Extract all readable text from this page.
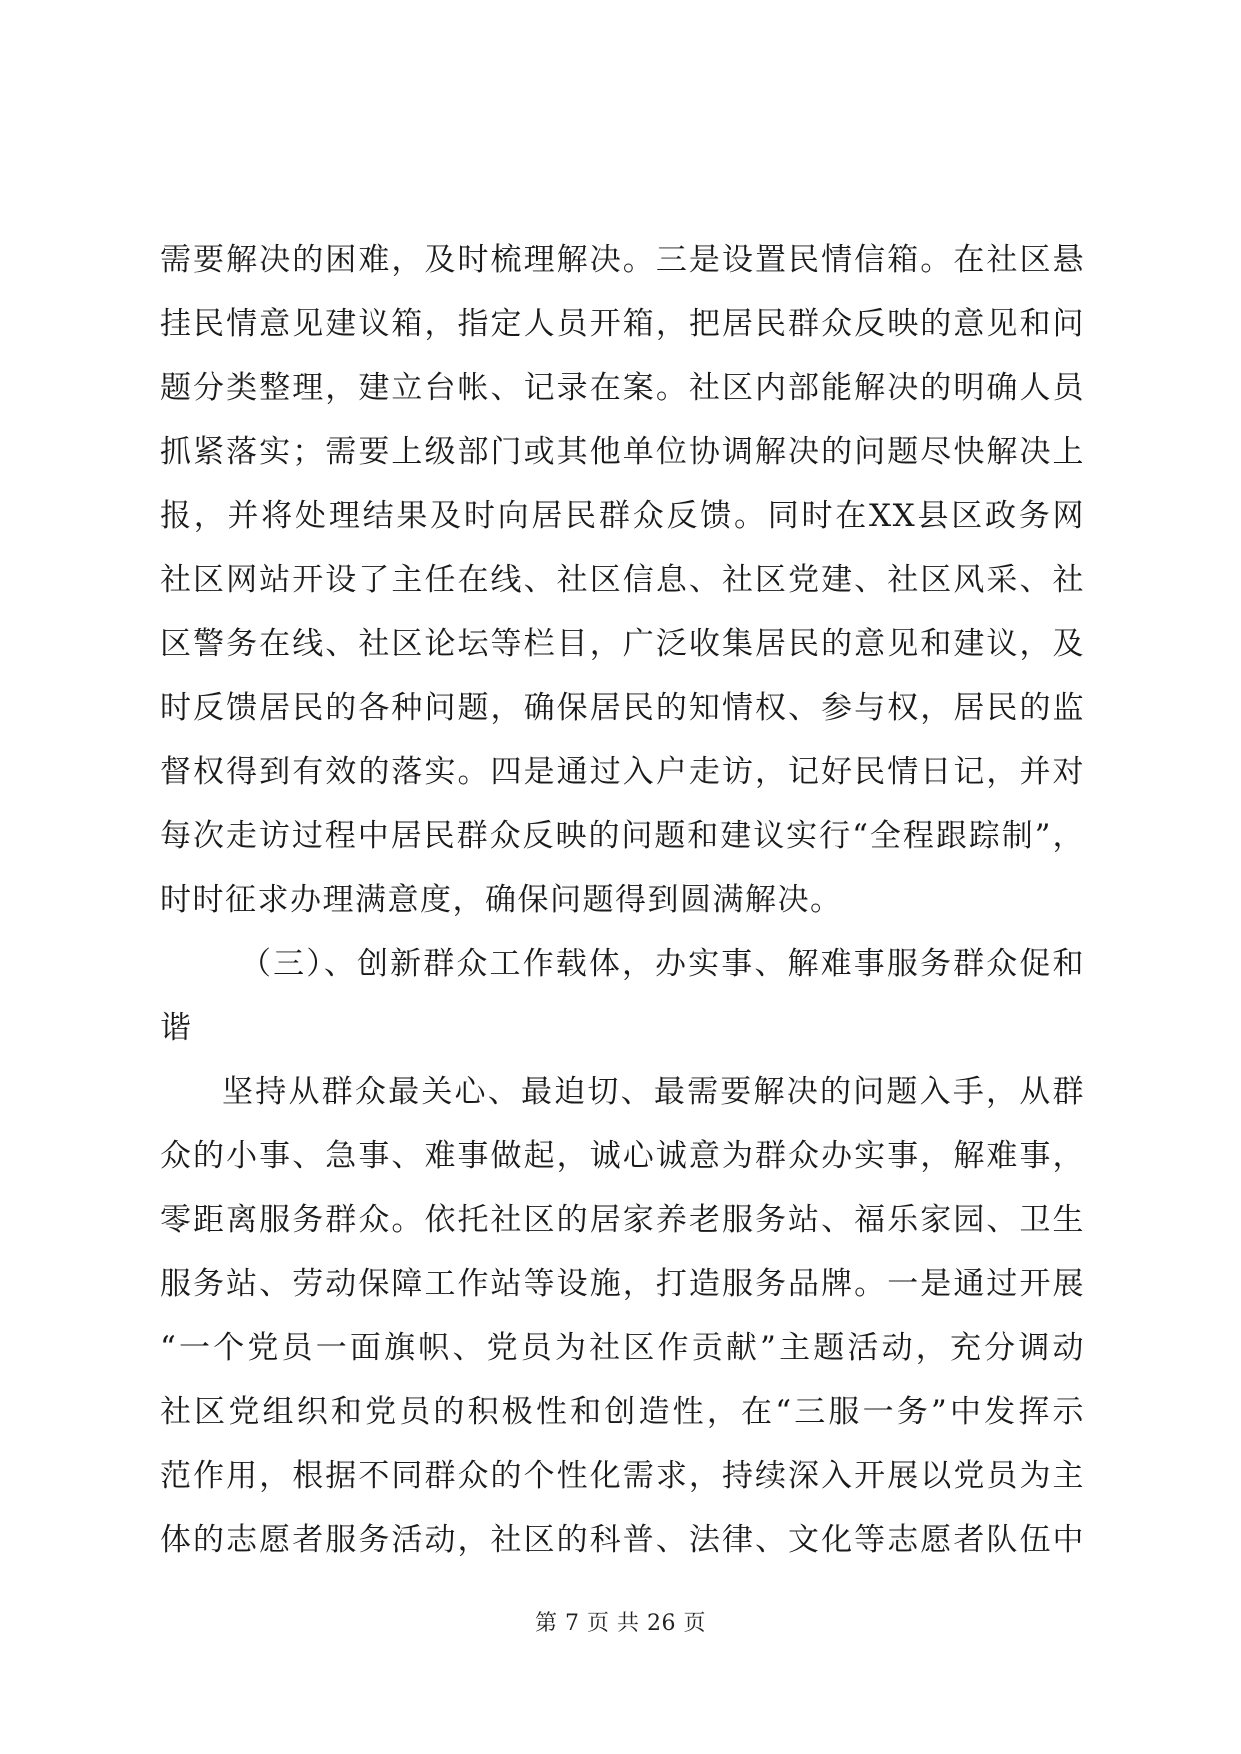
需要解决的困难，及时梳理解决。三是设置民情信箱。在社区悬
挂民情意见建议箱，指定人员开箱，把居民群众反映的意见和问
题分类整理，建立台帐、记录在案。社区内部能解决的明确人员
抓紧落实；需要上级部门或其他单位协调解决的问题尽快解决上
报，并将处理结果及时向居民群众反馈。同时在XX县区政务网
社区网站开设了主任在线、社区信息、社区党建、社区风采、社
区警务在线、社区论坛等栏目，广泛收集居民的意见和建议，及
时反馈居民的各种问题，确保居民的知情权、参与权，居民的监
督权得到有效的落实。四是通过入户走访，记好民情日记，并对
每次走访过程中居民群众反映的问题和建议实行“全程跟踪制”，
时时征求办理满意度，确保问题得到圆满解决。
（三）、创新群众工作载体，办实事、解难事服务群众促和
谐
坚持从群众最关心、最迫切、最需要解决的问题入手，从群
众的小事、急事、难事做起，诚心诚意为群众办实事，解难事，
零距离服务群众。依托社区的居家养老服务站、福乐家园、卫生
服务站、劳动保障工作站等设施，打造服务品牌。一是通过开展
“一个党员一面旗帜、党员为社区作贡献”主题活动，充分调动
社区党组织和党员的积极性和创造性，在“三服一务”中发挥示
范作用，根据不同群众的个性化需求，持续深入开展以党员为主
体的志愿者服务活动，社区的科普、法律、文化等志愿者队伍中
第 7 页 共 26 页
